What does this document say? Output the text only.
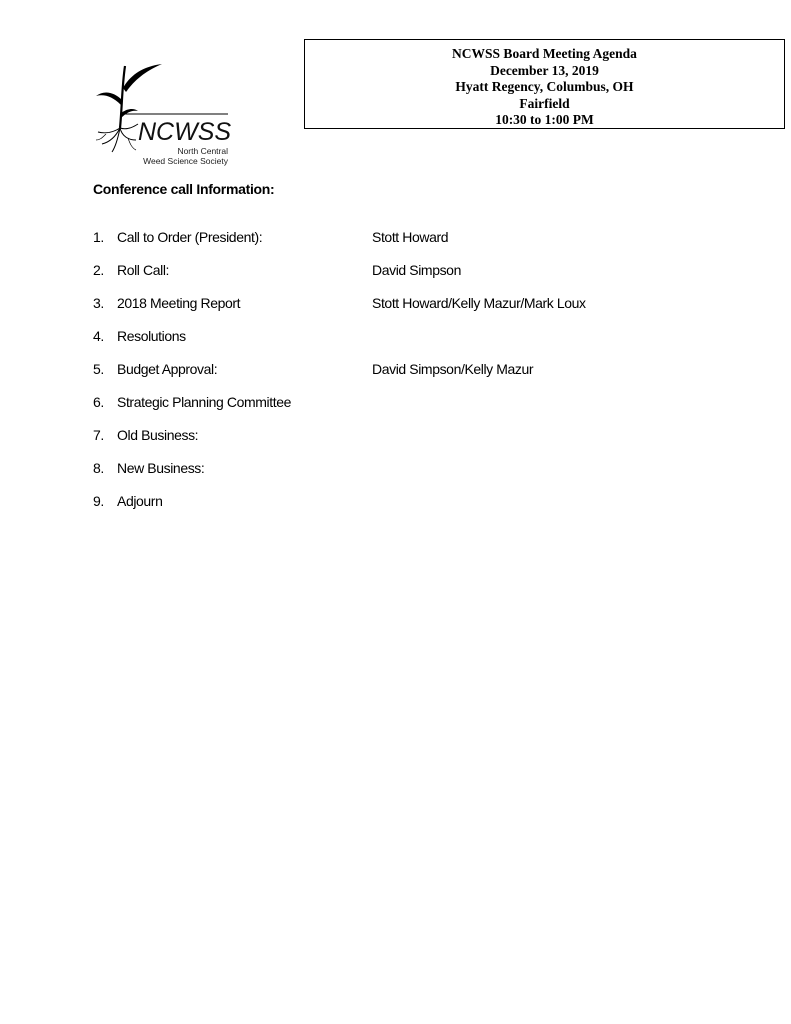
NCWSS
North Central
Weed Science Society
NCWSS Board Meeting Agenda
December 13, 2019
Hyatt Regency, Columbus, OH
Fairfield
10:30 to 1:00 PM
Conference call Information:
1. Call to Order (President):	Stott Howard
2. Roll Call:	David Simpson
3. 2018 Meeting Report	Stott Howard/Kelly Mazur/Mark Loux
4. Resolutions
5. Budget Approval:	David Simpson/Kelly Mazur
6. Strategic Planning Committee
7. Old Business:
8. New Business:
9. Adjourn
